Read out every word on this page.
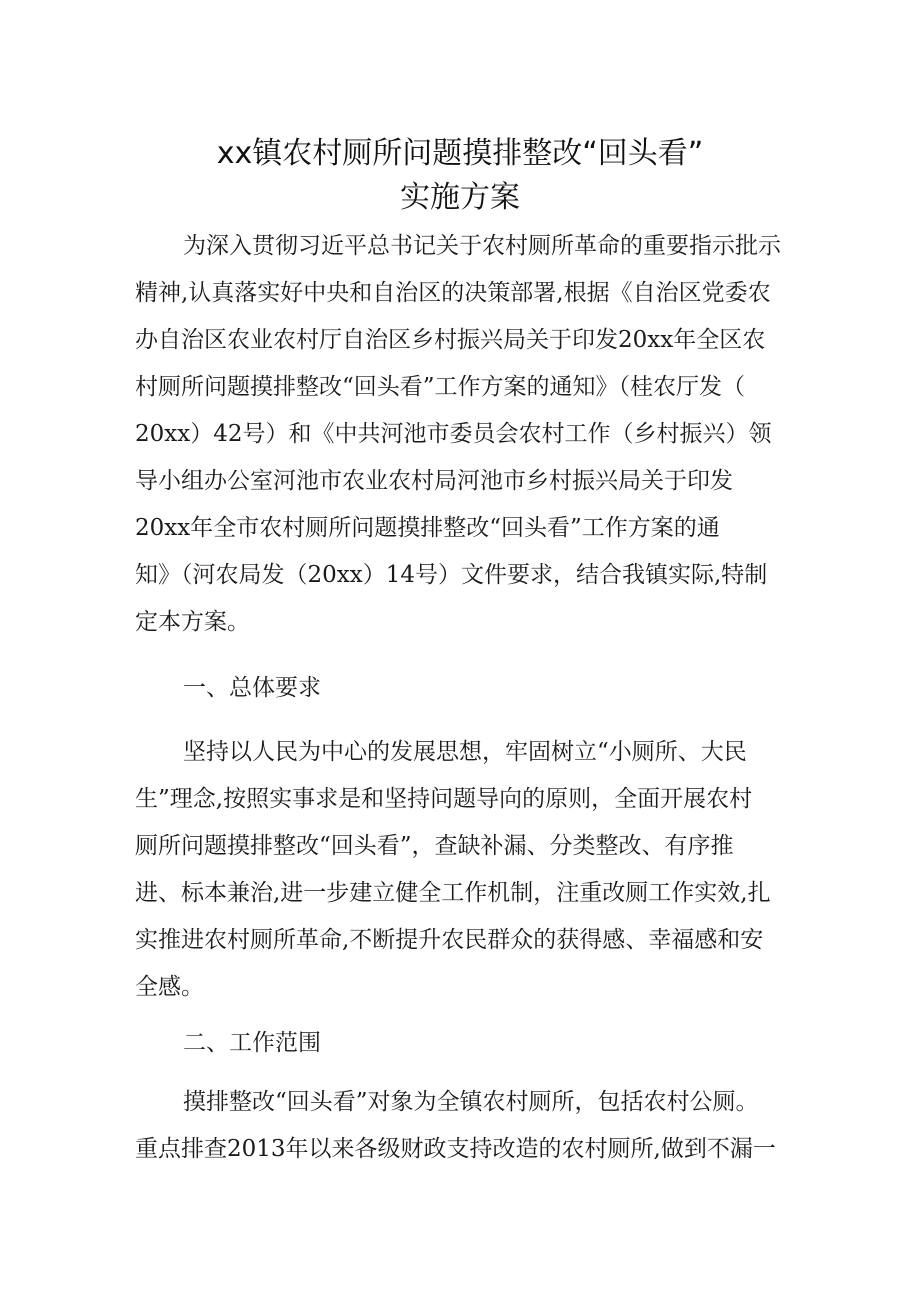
xx镇农村厕所问题摸排整改“回头看”
实施方案
为深入贯彻习近平总书记关于农村厕所革命的重要指示批示
精神,认真落实好中央和自治区的决策部署,根据《自治区党委农
办自治区农业农村厅自治区乡村振兴局关于印发20xx年全区农
村厕所问题摸排整改“回头看”工作方案的通知》（桂农厅发（
20xx）42号）和《中共河池市委员会农村工作（乡村振兴）领
导小组办公室河池市农业农村局河池市乡村振兴局关于印发
20xx年全市农村厕所问题摸排整改“回头看”工作方案的通
知》（河农局发（20xx）14号）文件要求，结合我镇实际,特制
定本方案。
一、总体要求
坚持以人民为中心的发展思想，牢固树立“小厕所、大民
生”理念,按照实事求是和坚持问题导向的原则，全面开展农村
厕所问题摸排整改“回头看”，查缺补漏、分类整改、有序推
进、标本兼治,进一步建立健全工作机制，注重改厕工作实效,扎
实推进农村厕所革命,不断提升农民群众的获得感、幸福感和安
全感。
二、工作范围
摸排整改“回头看”对象为全镇农村厕所，包括农村公厕。
重点排查2013年以来各级财政支持改造的农村厕所,做到不漏一
